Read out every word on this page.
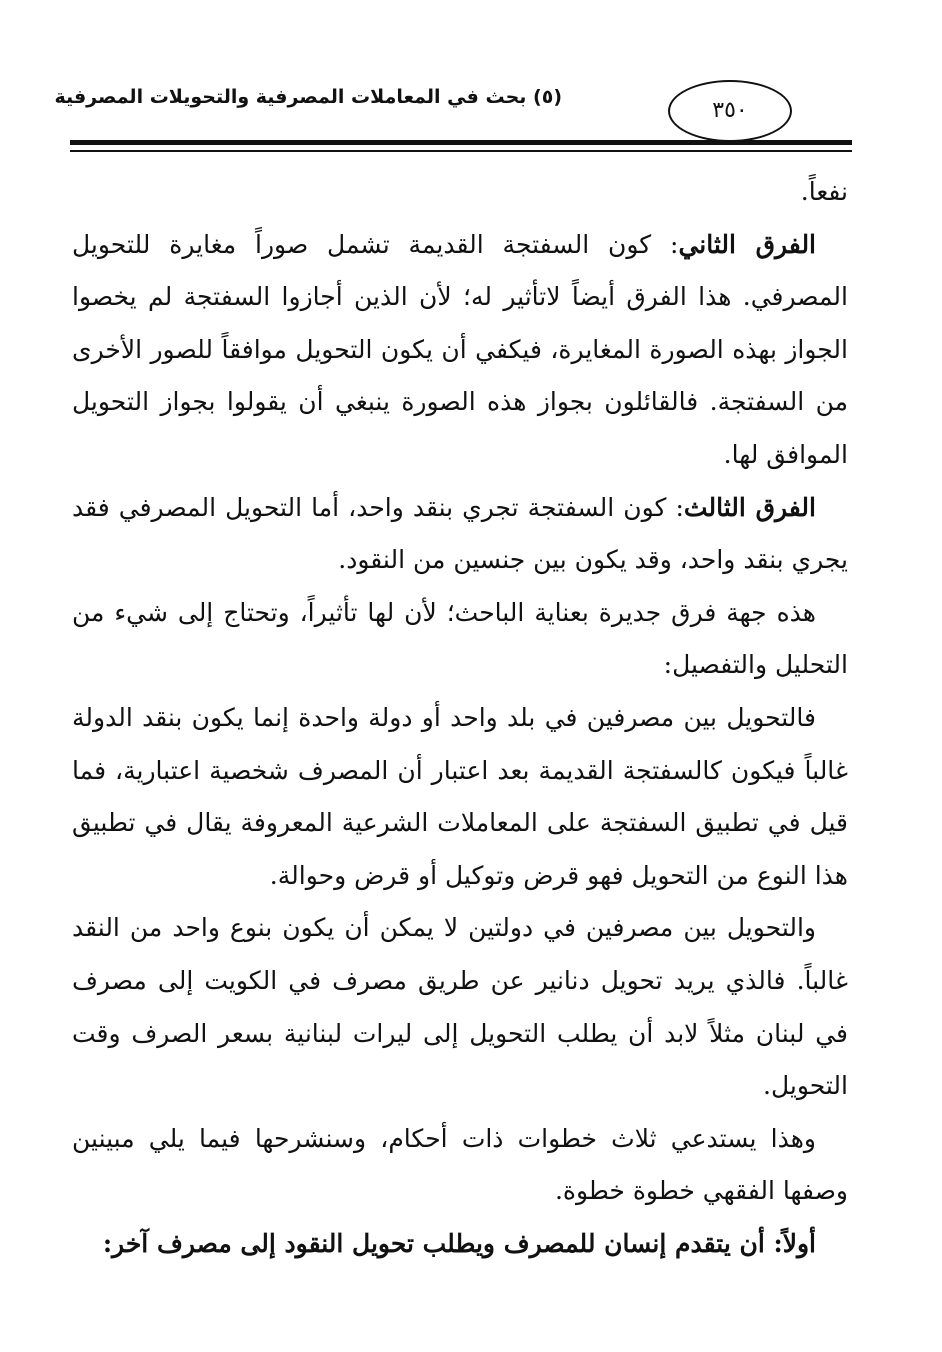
(٥) بحث في المعاملات المصرفية والتحويلات المصرفية
٣٥٠

نفعاً.

الفرق الثاني: كون السفتجة القديمة تشمل صوراً مغايرة للتحويل المصرفي. هذا الفرق أيضاً لاتأثير له؛ لأن الذين أجازوا السفتجة لم يخصوا الجواز بهذه الصورة المغايرة، فيكفي أن يكون التحويل موافقاً للصور الأخرى من السفتجة. فالقائلون بجواز هذه الصورة ينبغي أن يقولوا بجواز التحويل الموافق لها.

الفرق الثالث: كون السفتجة تجري بنقد واحد، أما التحويل المصرفي فقد يجري بنقد واحد، وقد يكون بين جنسين من النقود.

هذه جهة فرق جديرة بعناية الباحث؛ لأن لها تأثيراً، وتحتاج إلى شيء من التحليل والتفصيل:

فالتحويل بين مصرفين في بلد واحد أو دولة واحدة إنما يكون بنقد الدولة غالباً فيكون كالسفتجة القديمة بعد اعتبار أن المصرف شخصية اعتبارية، فما قيل في تطبيق السفتجة على المعاملات الشرعية المعروفة يقال في تطبيق هذا النوع من التحويل فهو قرض وتوكيل أو قرض وحوالة.

والتحويل بين مصرفين في دولتين لا يمكن أن يكون بنوع واحد من النقد غالباً. فالذي يريد تحويل دنانير عن طريق مصرف في الكويت إلى مصرف في لبنان مثلاً لابد أن يطلب التحويل إلى ليرات لبنانية بسعر الصرف وقت التحويل.

وهذا يستدعي ثلاث خطوات ذات أحكام، وسنشرحها فيما يلي مبينين وصفها الفقهي خطوة خطوة.

أولاً: أن يتقدم إنسان للمصرف ويطلب تحويل النقود إلى مصرف آخر:
